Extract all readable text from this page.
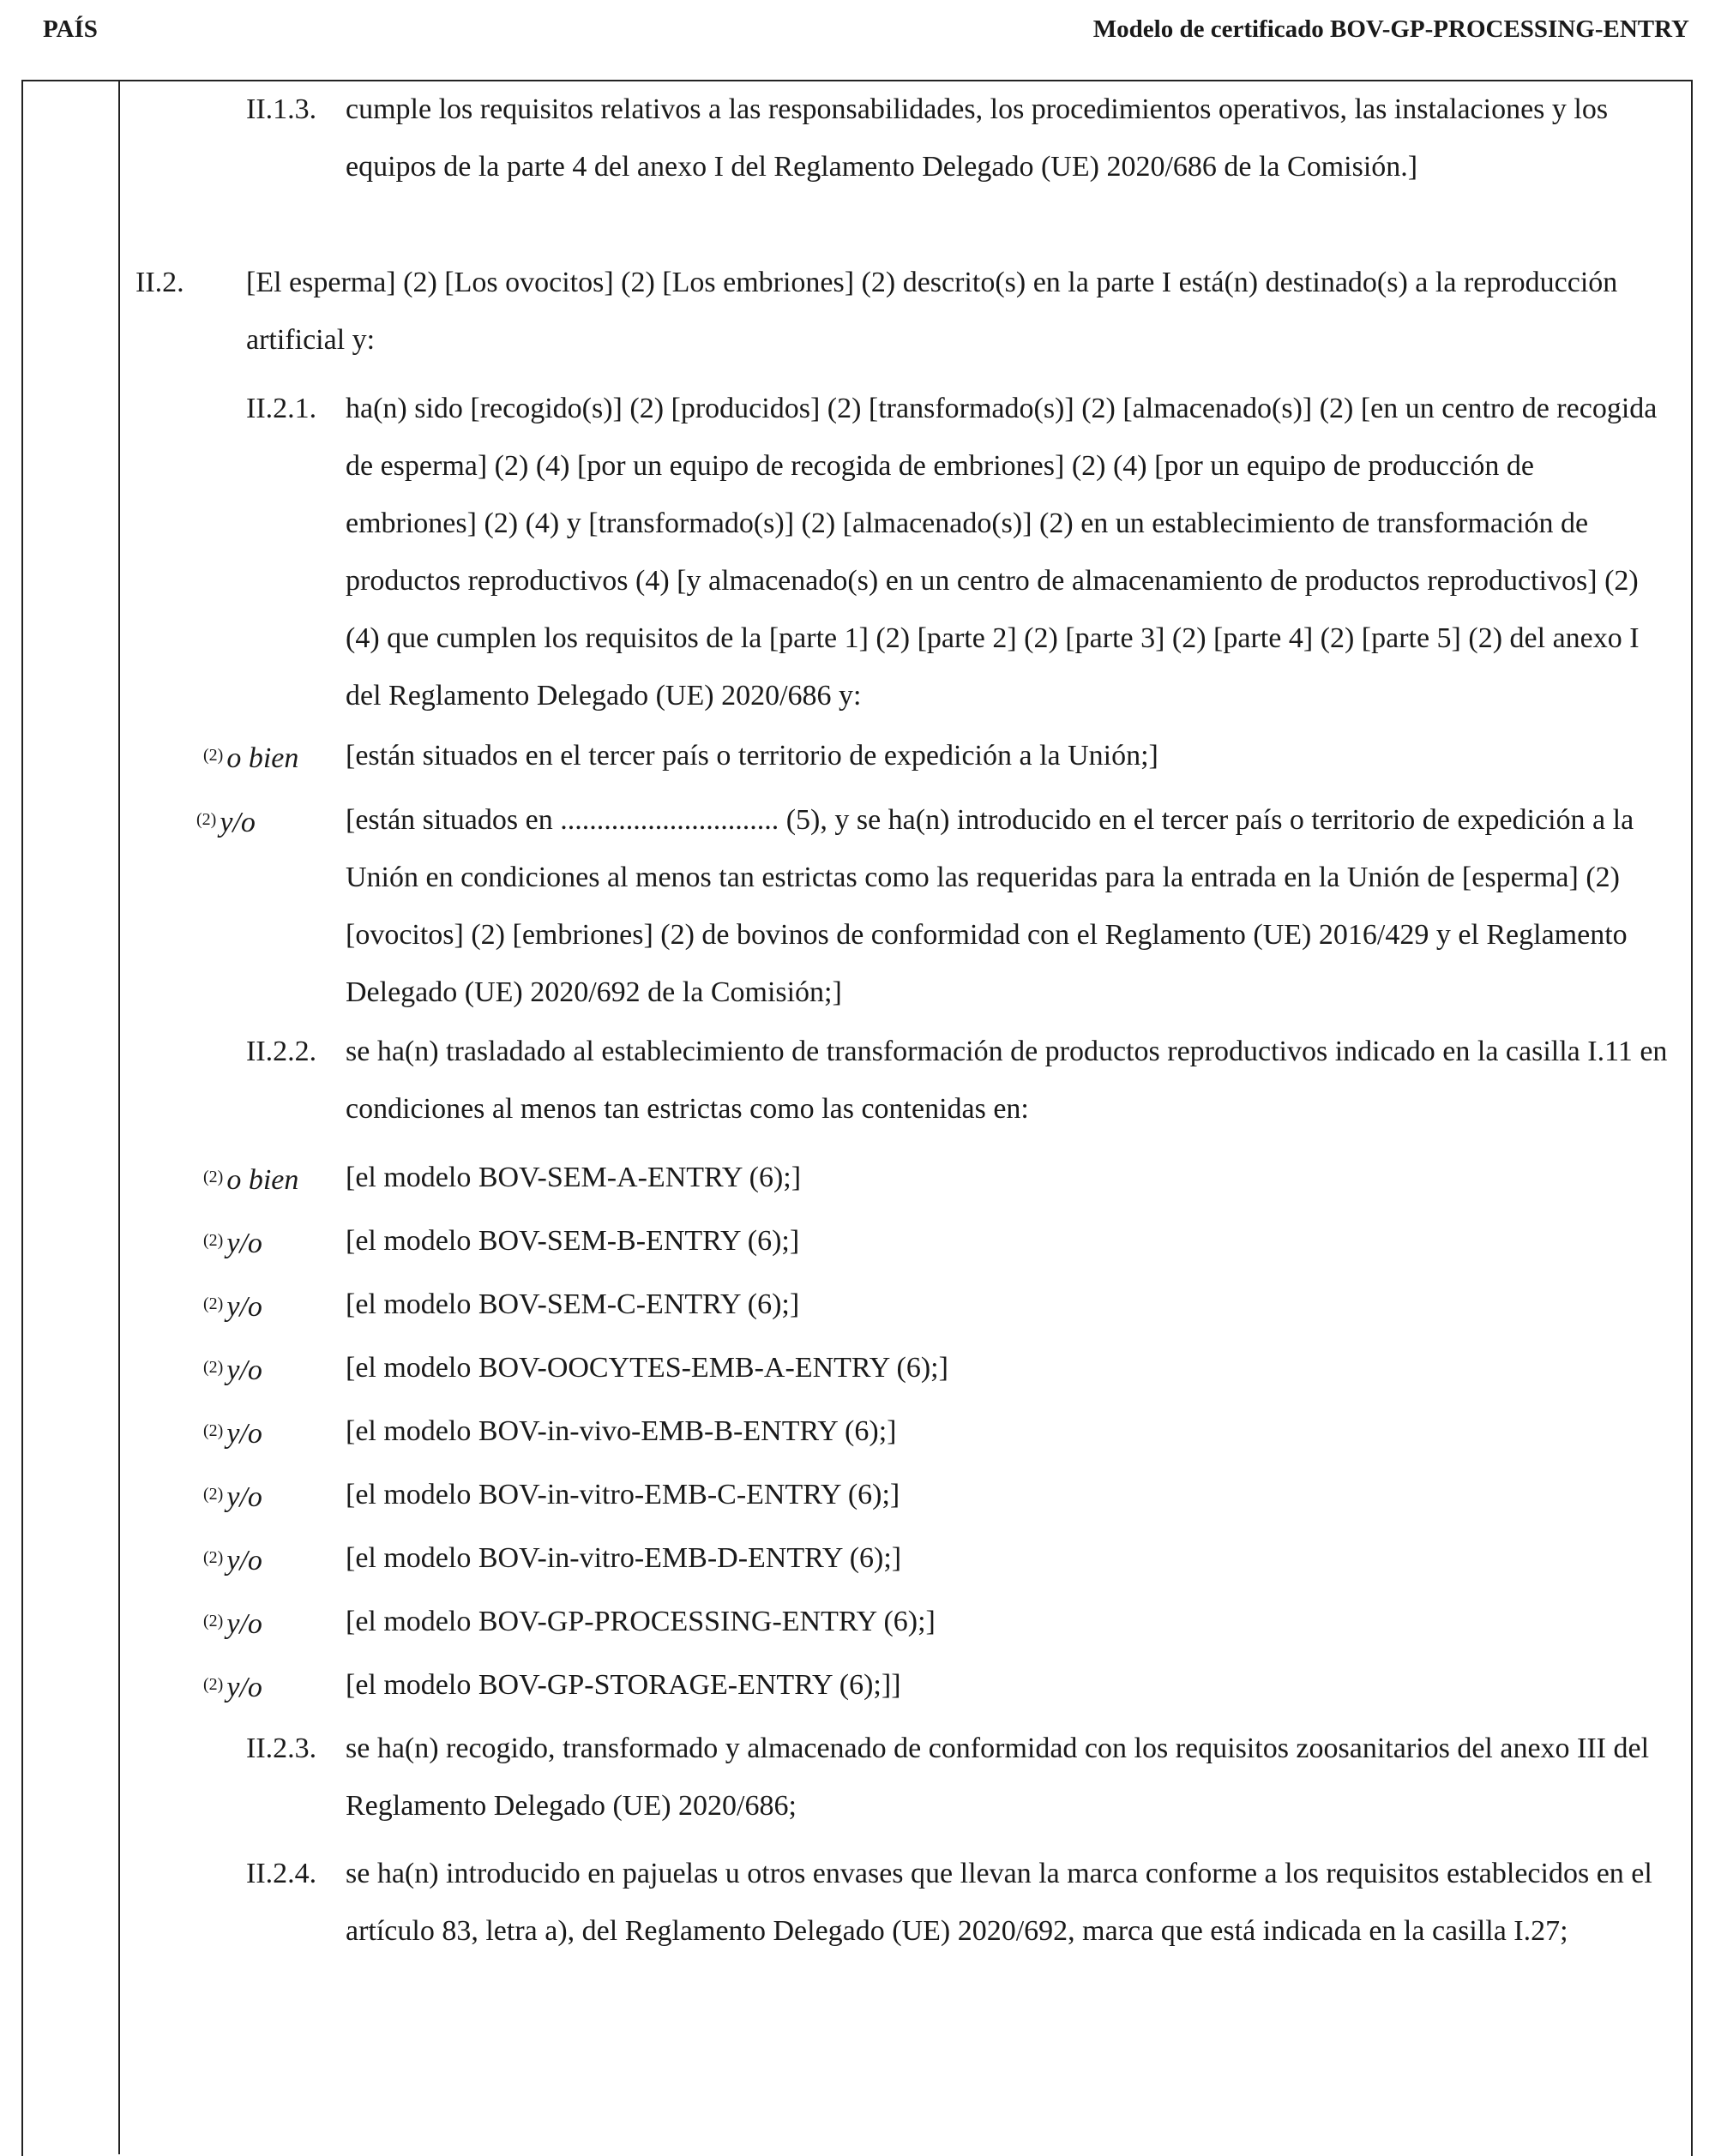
PAÍS	Modelo de certificado BOV-GP-PROCESSING-ENTRY
II.1.3. cumple los requisitos relativos a las responsabilidades, los procedimientos operativos, las instalaciones y los equipos de la parte 4 del anexo I del Reglamento Delegado (UE) 2020/686 de la Comisión.]
II.2. [El esperma] (2) [Los ovocitos] (2) [Los embriones] (2) descrito(s) en la parte I está(n) destinado(s) a la reproducción artificial y:
II.2.1. ha(n) sido [recogido(s)] (2) [producidos] (2) [transformado(s)] (2) [almacenado(s)] (2) [en un centro de recogida de esperma] (2) (4) [por un equipo de recogida de embriones] (2) (4) [por un equipo de producción de embriones] (2) (4) y [transformado(s)] (2) [almacenado(s)] (2) en un establecimiento de transformación de productos reproductivos (4) [y almacenado(s) en un centro de almacenamiento de productos reproductivos] (2)(4) que cumplen los requisitos de la [parte 1] (2) [parte 2] (2) [parte 3] (2) [parte 4] (2) [parte 5] (2) del anexo I del Reglamento Delegado (UE) 2020/686 y:
$^{(2)}$ o bien [están situados en el tercer país o territorio de expedición a la Unión;]
$^{(2)}$ y/o	[están situados en .............................. (5), y se ha(n) introducido en el tercer país o territorio de expedición a la Unión en condiciones al menos tan estrictas como las requeridas para la entrada en la Unión de [esperma] (2) [ovocitos] (2) [embriones] (2) de bovinos de conformidad con el Reglamento (UE) 2016/429 y el Reglamento Delegado (UE) 2020/692 de la Comisión;]
II.2.2. se ha(n) trasladado al establecimiento de transformación de productos reproductivos indicado en la casilla I.11 en condiciones al menos tan estrictas como las contenidas en:
$^{(2)}$ o bien [el modelo BOV-SEM-A-ENTRY (6);]
$^{(2)}$ y/o	[el modelo BOV-SEM-B-ENTRY (6);]
$^{(2)}$ y/o	[el modelo BOV-SEM-C-ENTRY (6);]
$^{(2)}$ y/o	[el modelo BOV-OOCYTES-EMB-A-ENTRY (6);]
$^{(2)}$ y/o	[el modelo BOV-in-vivo-EMB-B-ENTRY (6);]
$^{(2)}$ y/o	[el modelo BOV-in-vitro-EMB-C-ENTRY (6);]
$^{(2)}$ y/o	[el modelo BOV-in-vitro-EMB-D-ENTRY (6);]
$^{(2)}$ y/o	[el modelo BOV-GP-PROCESSING-ENTRY (6);]
$^{(2)}$ y/o	[el modelo BOV-GP-STORAGE-ENTRY (6);]]
II.2.3. se ha(n) recogido, transformado y almacenado de conformidad con los requisitos zoosanitarios del anexo III del Reglamento Delegado (UE) 2020/686;
II.2.4. se ha(n) introducido en pajuelas u otros envases que llevan la marca conforme a los requisitos establecidos en el artículo 83, letra a), del Reglamento Delegado (UE) 2020/692, marca que está indicada en la casilla I.27;
